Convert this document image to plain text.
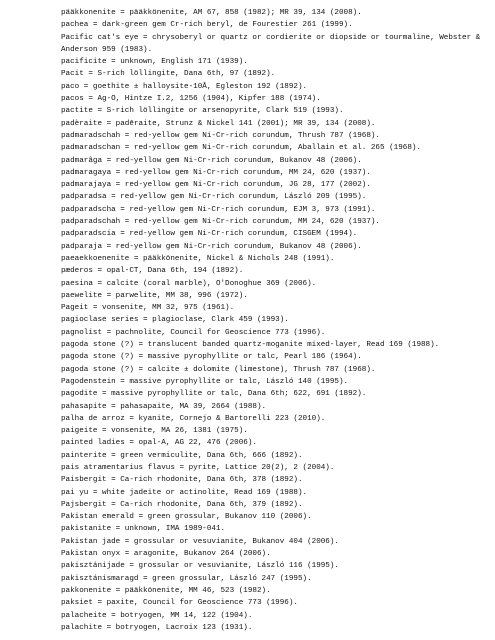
pääkkonenite = pääkkönenite, AM 67, 858 (1982); MR 39, 134 (2008).
pachea = dark-green gem Cr-rich beryl, de Fourestier 261 (1999).
Pacific cat's eye = chrysoberyl or quartz or cordierite or diopside or tourmaline, Webster & Anderson 959 (1983).
pacificite = unknown, English 171 (1939).
Pacit = S-rich löllingite, Dana 6th, 97 (1892).
paco = goethite ± halloysite-10Å, Egleston 192 (1892).
pacos = Ag-O, Hintze I.2, 1256 (1904), Kipfer 188 (1974).
pactite = S-rich löllingite or arsenopyrite, Clark 519 (1993).
padèraite = padēraite, Strunz & Nickel 141 (2001); MR 39, 134 (2008).
padmaradschah = red-yellow gem Ni-Cr-rich corundum, Thrush 787 (1968).
padmaradschan = red-yellow gem Ni-Cr-rich corundum, Aballain et al. 265 (1968).
padmarâga = red-yellow gem Ni-Cr-rich corundum, Bukanov 48 (2006).
padmaragaya = red-yellow gem Ni-Cr-rich corundum, MM 24, 620 (1937).
padmarajaya = red-yellow gem Ni-Cr-rich corundum, JG 28, 177 (2002).
padparadsa = red-yellow gem Ni-Cr-rich corundum, László 209 (1995).
padparadscha = red-yellow gem Ni-Cr-rich corundum, EJM 3, 973 (1991).
padparadschah = red-yellow gem Ni-Cr-rich corundum, MM 24, 620 (1937).
padparadscia = red-yellow gem Ni-Cr-rich corundum, CISGEM (1994).
padparaja = red-yellow gem Ni-Cr-rich corundum, Bukanov 48 (2006).
paeaekkoenenite = pääkkönenite, Nickel & Nichols 248 (1991).
pæderos = opal-CT, Dana 6th, 194 (1892).
paesina = calcite (coral marble), O'Donoghue 369 (2006).
paewelite = parwelite, MM 38, 996 (1972).
Pageit = vonsenite, MM 32, 975 (1961).
pagioclase series = plagioclase, Clark 459 (1993).
pagnolist = pachnolite, Council for Geoscience 773 (1996).
pagoda stone (?) = translucent banded quartz-moganite mixed-layer, Read 169 (1988).
pagoda stone (?) = massive pyrophyllite or talc, Pearl 186 (1964).
pagoda stone (?) = calcite ± dolomite (limestone), Thrush 787 (1968).
Pagodenstein = massive pyrophyllite or talc, László 140 (1995).
pagodite = massive pyrophyllite or talc, Dana 6th; 622, 691 (1892).
pahasapite = pahasapaite, MA 39, 2664 (1988).
palha de arroz = kyanite, Cornejo & Bartorelli 223 (2010).
paigeite = vonsenite, MA 26, 1381 (1975).
painted ladies = opal-A, AG 22, 476 (2006).
painterite = green vermiculite, Dana 6th, 666 (1892).
pais atramentarius flavus = pyrite, Lattice 20(2), 2 (2004).
Paisbergit = Ca-rich rhodonite, Dana 6th, 378 (1892).
pai yu = white jadeite or actinolite, Read 169 (1988).
Pajsbergit = Ca-rich rhodonite, Dana 6th, 379 (1892).
Pakistan emerald = green grossular, Bukanov 110 (2006).
pakistanite = unknown, IMA 1989-041.
Pakistan jade = grossular or vesuvianite, Bukanov 404 (2006).
Pakistan onyx = aragonite, Bukanov 264 (2006).
pakisztánijade = grossular or vesuvianite, László 116 (1995).
pakisztánismaragd = green grossular, László 247 (1995).
pakkonenite = pääkkönenite, MM 46, 523 (1982).
paksiet = paxite, Council for Geoscience 773 (1996).
palacheite = botryogen, MM 14, 122 (1904).
palachite = botryogen, Lacroix 123 (1931).
